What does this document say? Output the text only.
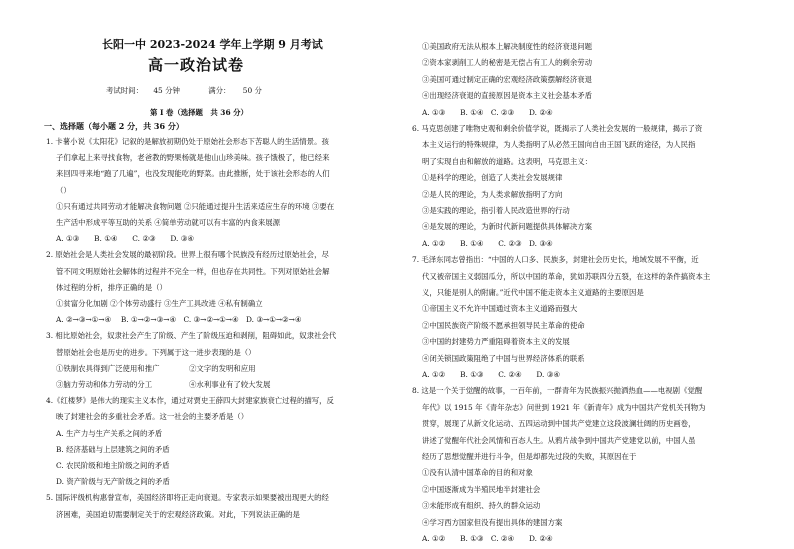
长阳一中 2023-2024 学年上学期 9 月考试
高一政治试卷
考试时间： 45 分钟	满分： 50 分
第 I 卷（选择题　共 36 分）
一、选择题（每小题 2 分，共 36 分）
1. 卡薯小说《太阳花》记叙的是解放初期仍处于原始社会形态下苦聪人的生活情景。孩
子们拿起上来寻找食物，老爸教的野果杨就是他山山珍美味。孩子饿极了，他已经来
来回四寻来地“跑了几遍”，也没发现能吃的野菜。由此推断，处于该社会形态的人们
（）
①只有通过共同劳动才能解决食物问题 ②只能通过提升生活来适应生存的环境 ③要在
生产活中形成平等互助的关系 ④简单劳动就可以有丰富的内食来展源
A. ①③　　B. ①④　　C. ②③　　D. ③④
2. 原始社会是人类社会发展的最初阶段。世界上很有哪个民族没有经历过原始社会，尽
管不同文明原始社会解体的过程并不完全一样，但也存在共同性。下列对原始社会解
体过程的分析，排序正确的是（）
①贫富分化加剧 ②个体劳动盛行 ③生产工具改进 ④私有制确立
A. ②→③→①→④　 B. ①→②→③→④　C. ③→②→①→④　D. ③→①→②→④
3. 相比原始社会，奴隶社会产生了阶级、产生了阶级压迫和剥削，阻碍如此，奴隶社会代
替原始社会也是历史的进步。下列属于这一进步表现的是（）
①铁制农具得到广泛使用和推广　　　　②文字的发明和应用
③脑力劳动和体力劳动的分工　　　　　④水利事业有了较大发展
4.《红楼梦》是伟大的现实主义本作，通过对贾史王薛四大封建家族衰亡过程的描写，反
映了封建社会的多重社会矛盾。这一社会的主要矛盾是（）
A. 生产力与生产关系之间的矛盾
B. 经济基础与上层建筑之间的矛盾
C. 农民阶级和地主阶级之间的矛盾
D. 资产阶级与无产阶级之间的矛盾
5. 国际评级机构惠誉宣布，美国经济即将正走向衰退。专家表示如果要被出现更大的经
济困难，美国迫切需要制定关于的宏观经济政策。对此，下列说法正确的是
①美国政府无法从根本上解决制度性的经济衰退问题
②资本家剥削工人的秘密是无偿占有工人的剩余劳动
③美国可通过制定正确的宏观经济政策摆解经济衰退
④出现经济衰退的直接原因是资本主义社会基本矛盾
A. ①③　　B. ①④　C. ②③　　D. ②④
6. 马克思创建了唯物史观和剩余价值学说，既揭示了人类社会发展的一般规律，揭示了资
本主义运行的特殊规律，为人类指明了从必然王国向自由王国飞跃的途径，为人民指
明了实现自由和解放的道路。这表明，马克思主义：
①是科学的理论，创造了人类社会发展规律
②是人民的理论，为人类求解放指明了方向
③是实践的理论，指引着人民改造世界的行动
④是发展的理论，为新时代新问题提供具体解决方案
A. ①②　　B. ①④　　C. ②③　D. ③④
7. 毛泽东同志曾指出：“中国的人口多、民族多，封建社会历史长，地域发展不平衡，近
代又被帝国主义弱国瓜分，所以中国的革命，犹如苏联四分五裂，在这样的条件搞资本主
义，只能是别人的附庸。”近代中国不能走资本主义道路的主要原因是
①帝国主义不允许中国通过资本主义道路而强大
②中国民族资产阶级不愿承担领导民主革命的使命
③中国的封建势力严重阻碍着资本主义的发展
④闭关锁国政策阻绝了中国与世界经济体系的联系
A. ①②　　B. ①③　　C. ②④　　D. ③④
8. 这是一个关于觉醒的故事，一百年前，一群青年为民族振兴抛洒热血——电视剧《觉醒
年代》以 1915 年《青年杂志》问世到 1921 年《新青年》成为中国共产党机关刊物为
贯穿，展现了从新文化运动、五四运动到中国共产党建立这段波澜壮阔的历史画卷，
讲述了觉醒年代社会风情和百态人生。从鸦片战争到中国共产党建党以前，中国人虽
经历了思想觉醒并进行斗争，但是却都先过段的失败，其原因在于
①没有认清中国革命的目的和对象
②中国逐渐成为半殖民地半封建社会
③未能形成有组织、持久的群众运动
④学习西方国家但没有提出具体的建国方案
A. ①②　　B. ①③　C. ②④　　D. ②④
